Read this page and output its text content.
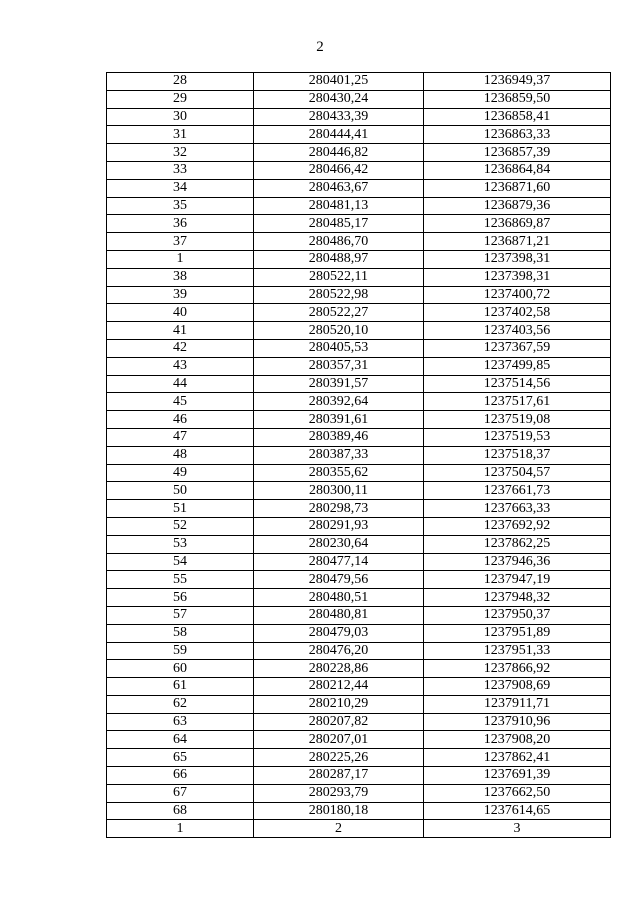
2
28	280401,25	1236949,37
29	280430,24	1236859,50
30	280433,39	1236858,41
31	280444,41	1236863,33
32	280446,82	1236857,39
33	280466,42	1236864,84
34	280463,67	1236871,60
35	280481,13	1236879,36
36	280485,17	1236869,87
37	280486,70	1236871,21
1	280488,97	1237398,31
38	280522,11	1237398,31
39	280522,98	1237400,72
40	280522,27	1237402,58
41	280520,10	1237403,56
42	280405,53	1237367,59
43	280357,31	1237499,85
44	280391,57	1237514,56
45	280392,64	1237517,61
46	280391,61	1237519,08
47	280389,46	1237519,53
48	280387,33	1237518,37
49	280355,62	1237504,57
50	280300,11	1237661,73
51	280298,73	1237663,33
52	280291,93	1237692,92
53	280230,64	1237862,25
54	280477,14	1237946,36
55	280479,56	1237947,19
56	280480,51	1237948,32
57	280480,81	1237950,37
58	280479,03	1237951,89
59	280476,20	1237951,33
60	280228,86	1237866,92
61	280212,44	1237908,69
62	280210,29	1237911,71
63	280207,82	1237910,96
64	280207,01	1237908,20
65	280225,26	1237862,41
66	280287,17	1237691,39
67	280293,79	1237662,50
68	280180,18	1237614,65
1	2	3
